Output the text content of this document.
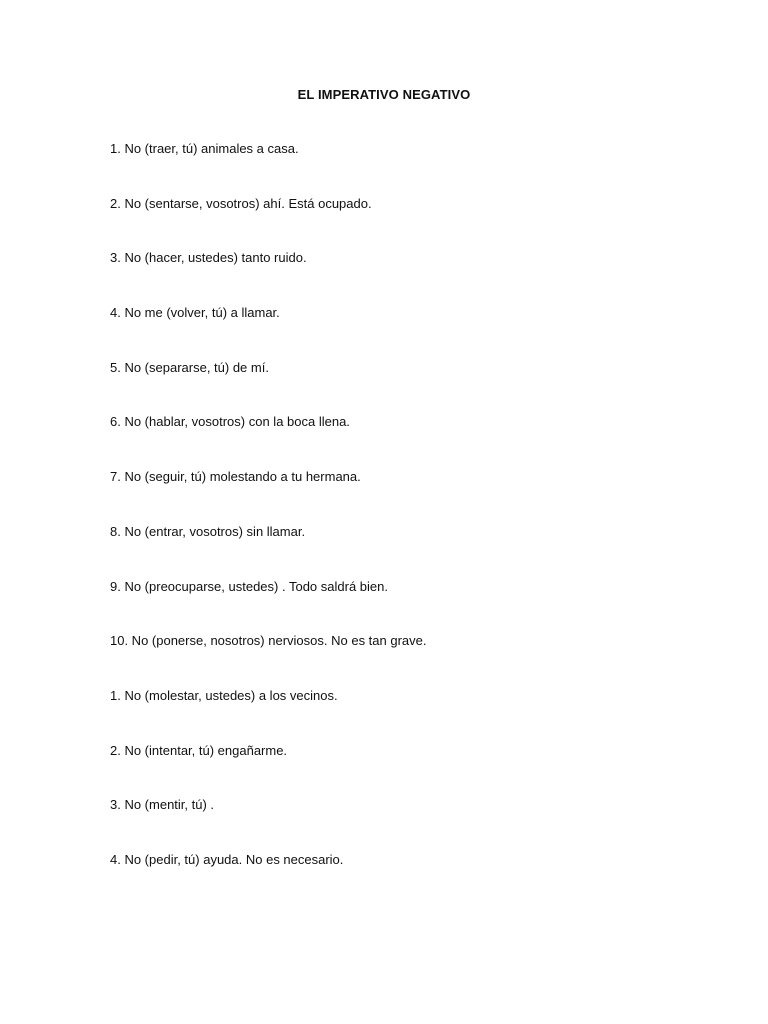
EL IMPERATIVO NEGATIVO
1. No (traer, tú) animales a casa.
2. No (sentarse, vosotros) ahí. Está ocupado.
3. No (hacer, ustedes) tanto ruido.
4. No me (volver, tú) a llamar.
5. No (separarse, tú) de mí.
6. No (hablar, vosotros) con la boca llena.
7. No (seguir, tú) molestando a tu hermana.
8. No (entrar, vosotros) sin llamar.
9. No (preocuparse, ustedes) . Todo saldrá bien.
10. No (ponerse, nosotros) nerviosos. No es tan grave.
1. No (molestar, ustedes) a los vecinos.
2. No (intentar, tú) engañarme.
3. No (mentir, tú) .
4. No (pedir, tú) ayuda. No es necesario.
